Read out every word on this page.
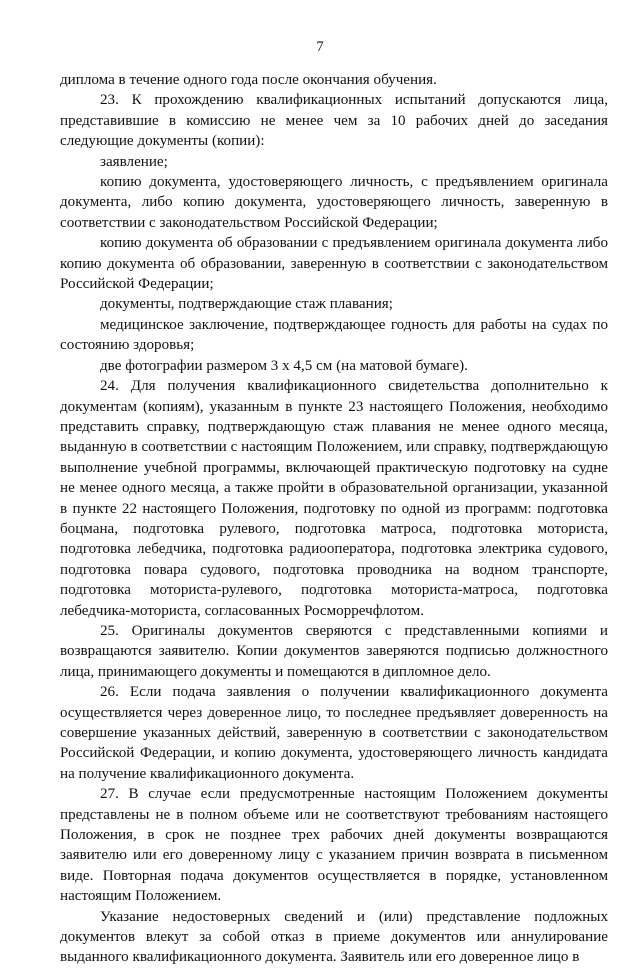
7

диплома в течение одного года после окончания обучения.

23. К прохождению квалификационных испытаний допускаются лица, представившие в комиссию не менее чем за 10 рабочих дней до заседания следующие документы (копии):

заявление;

копию документа, удостоверяющего личность, с предъявлением оригинала документа, либо копию документа, удостоверяющего личность, заверенную в соответствии с законодательством Российской Федерации;

копию документа об образовании с предъявлением оригинала документа либо копию документа об образовании, заверенную в соответствии с законодательством Российской Федерации;

документы, подтверждающие стаж плавания;

медицинское заключение, подтверждающее годность для работы на судах по состоянию здоровья;

две фотографии размером 3 х 4,5 см (на матовой бумаге).

24. Для получения квалификационного свидетельства дополнительно к документам (копиям), указанным в пункте 23 настоящего Положения, необходимо представить справку, подтверждающую стаж плавания не менее одного месяца, выданную в соответствии с настоящим Положением, или справку, подтверждающую выполнение учебной программы, включающей практическую подготовку на судне не менее одного месяца, а также пройти в образовательной организации, указанной в пункте 22 настоящего Положения, подготовку по одной из программ: подготовка боцмана, подготовка рулевого, подготовка матроса, подготовка моториста, подготовка лебедчика, подготовка радиооператора, подготовка электрика судового, подготовка повара судового, подготовка проводника на водном транспорте, подготовка моториста-рулевого, подготовка моториста-матроса, подготовка лебедчика-моториста, согласованных Росморречфлотом.

25. Оригиналы документов сверяются с представленными копиями и возвращаются заявителю. Копии документов заверяются подписью должностного лица, принимающего документы и помещаются в дипломное дело.

26. Если подача заявления о получении квалификационного документа осуществляется через доверенное лицо, то последнее предъявляет доверенность на совершение указанных действий, заверенную в соответствии с законодательством Российской Федерации, и копию документа, удостоверяющего личность кандидата на получение квалификационного документа.

27. В случае если предусмотренные настоящим Положением документы представлены не в полном объеме или не соответствуют требованиям настоящего Положения, в срок не позднее трех рабочих дней документы возвращаются заявителю или его доверенному лицу с указанием причин возврата в письменном виде. Повторная подача документов осуществляется в порядке, установленном настоящим Положением.

Указание недостоверных сведений и (или) представление подложных документов влекут за собой отказ в приеме документов или аннулирование выданного квалификационного документа. Заявитель или его доверенное лицо в
